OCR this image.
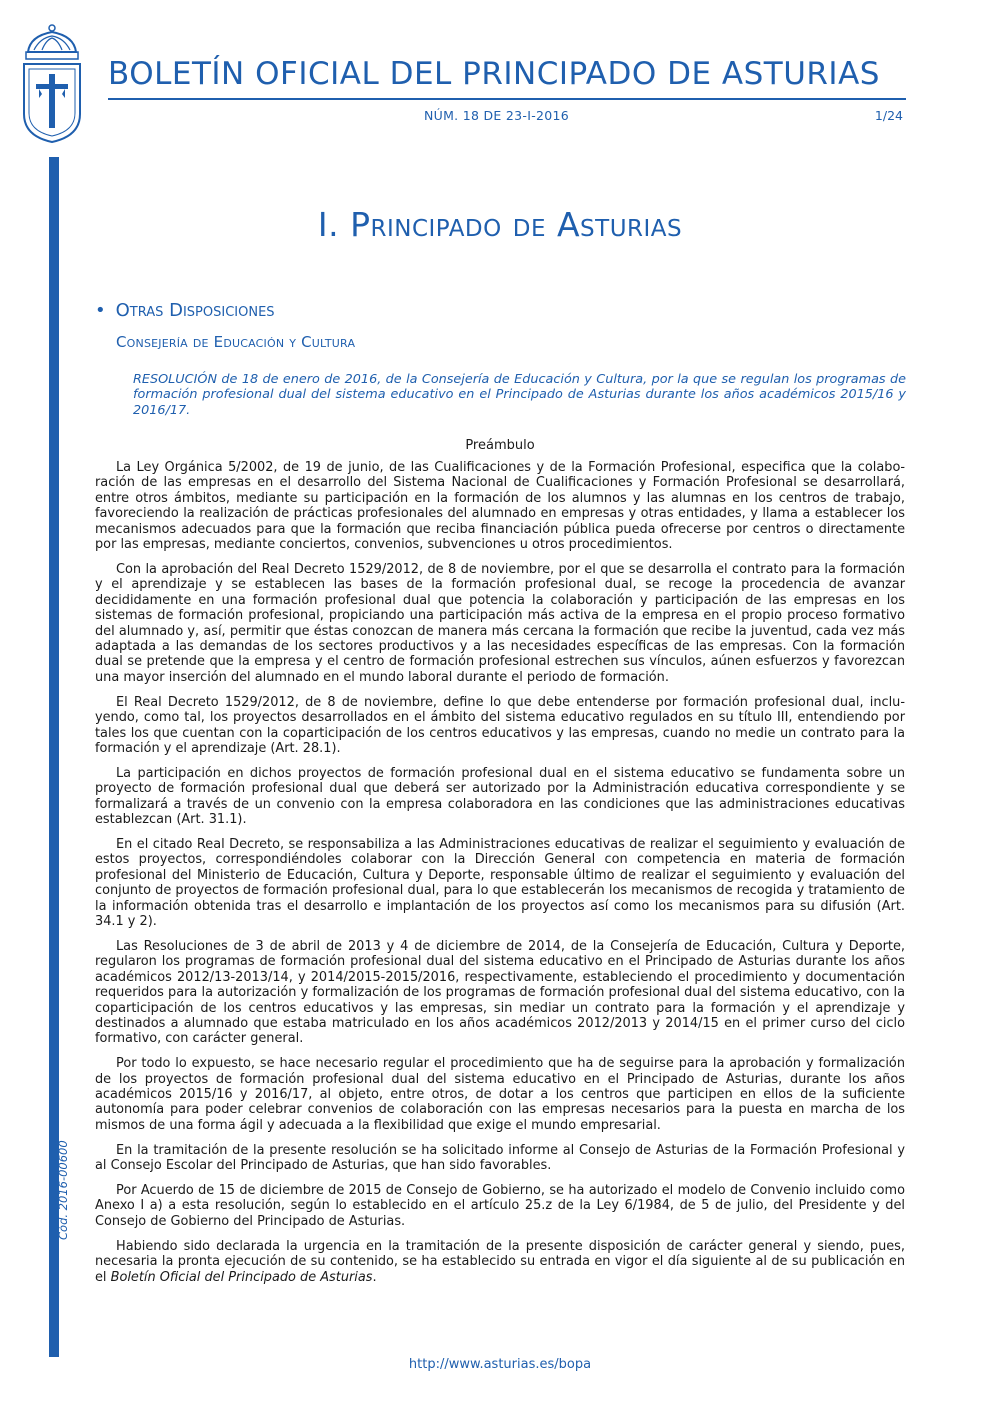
BOLETÍN OFICIAL DEL PRINCIPADO DE ASTURIAS
NÚM. 18 DE 23-I-2016	1/24
Cód. 2016-00600
I. Principado de Asturias
• Otras Disposiciones
Consejería de Educación y Cultura
RESOLUCIÓN de 18 de enero de 2016, de la Consejería de Educación y Cultura, por la que se regulan los programas de formación profesional dual del sistema educativo en el Principado de Asturias durante los años académicos 2015/16 y 2016/17.
Preámbulo

La Ley Orgánica 5/2002, de 19 de junio, de las Cualificaciones y de la Formación Profesional, especifica que la colaboración de las empresas en el desarrollo del Sistema Nacional de Cualificaciones y Formación Profesional se desarrollará, entre otros ámbitos, mediante su participación en la formación de los alumnos y las alumnas en los centros de trabajo, favoreciendo la realización de prácticas profesionales del alumnado en empresas y otras entidades, y llama a establecer los mecanismos adecuados para que la formación que reciba financiación pública pueda ofrecerse por centros o directamente por las empresas, mediante conciertos, convenios, subvenciones u otros procedimientos.

Con la aprobación del Real Decreto 1529/2012, de 8 de noviembre, por el que se desarrolla el contrato para la formación y el aprendizaje y se establecen las bases de la formación profesional dual, se recoge la procedencia de avanzar decididamente en una formación profesional dual que potencia la colaboración y participación de las empresas en los sistemas de formación profesional, propiciando una participación más activa de la empresa en el propio proceso formativo del alumnado y, así, permitir que éstas conozcan de manera más cercana la formación que recibe la juventud, cada vez más adaptada a las demandas de los sectores productivos y a las necesidades específicas de las empresas. Con la formación dual se pretende que la empresa y el centro de formación profesional estrechen sus vínculos, aúnen esfuerzos y favorezcan una mayor inserción del alumnado en el mundo laboral durante el periodo de formación.

El Real Decreto 1529/2012, de 8 de noviembre, define lo que debe entenderse por formación profesional dual, incluyendo, como tal, los proyectos desarrollados en el ámbito del sistema educativo regulados en su título III, entendiendo por tales los que cuentan con la coparticipación de los centros educativos y las empresas, cuando no medie un contrato para la formación y el aprendizaje (Art. 28.1).

La participación en dichos proyectos de formación profesional dual en el sistema educativo se fundamenta sobre un proyecto de formación profesional dual que deberá ser autorizado por la Administración educativa correspondiente y se formalizará a través de un convenio con la empresa colaboradora en las condiciones que las administraciones educativas establezcan (Art. 31.1).

En el citado Real Decreto, se responsabiliza a las Administraciones educativas de realizar el seguimiento y evaluación de estos proyectos, correspondiéndoles colaborar con la Dirección General con competencia en materia de formación profesional del Ministerio de Educación, Cultura y Deporte, responsable último de realizar el seguimiento y evaluación del conjunto de proyectos de formación profesional dual, para lo que establecerán los mecanismos de recogida y tratamiento de la información obtenida tras el desarrollo e implantación de los proyectos así como los mecanismos para su difusión (Art. 34.1 y 2).

Las Resoluciones de 3 de abril de 2013 y 4 de diciembre de 2014, de la Consejería de Educación, Cultura y Deporte, regularon los programas de formación profesional dual del sistema educativo en el Principado de Asturias durante los años académicos 2012/13-2013/14, y 2014/2015-2015/2016, respectivamente, estableciendo el procedimiento y documentación requeridos para la autorización y formalización de los programas de formación profesional dual del sistema educativo, con la coparticipación de los centros educativos y las empresas, sin mediar un contrato para la formación y el aprendizaje y destinados a alumnado que estaba matriculado en los años académicos 2012/2013 y 2014/15 en el primer curso del ciclo formativo, con carácter general.

Por todo lo expuesto, se hace necesario regular el procedimiento que ha de seguirse para la aprobación y formalización de los proyectos de formación profesional dual del sistema educativo en el Principado de Asturias, durante los años académicos 2015/16 y 2016/17, al objeto, entre otros, de dotar a los centros que participen en ellos de la suficiente autonomía para poder celebrar convenios de colaboración con las empresas necesarios para la puesta en marcha de los mismos de una forma ágil y adecuada a la flexibilidad que exige el mundo empresarial.

En la tramitación de la presente resolución se ha solicitado informe al Consejo de Asturias de la Formación Profesional y al Consejo Escolar del Principado de Asturias, que han sido favorables.

Por Acuerdo de 15 de diciembre de 2015 de Consejo de Gobierno, se ha autorizado el modelo de Convenio incluido como Anexo I a) a esta resolución, según lo establecido en el artículo 25.z de la Ley 6/1984, de 5 de julio, del Presidente y del Consejo de Gobierno del Principado de Asturias.

Habiendo sido declarada la urgencia en la tramitación de la presente disposición de carácter general y siendo, pues, necesaria la pronta ejecución de su contenido, se ha establecido su entrada en vigor el día siguiente al de su publicación en el Boletín Oficial del Principado de Asturias.

http://www.asturias.es/bopa
